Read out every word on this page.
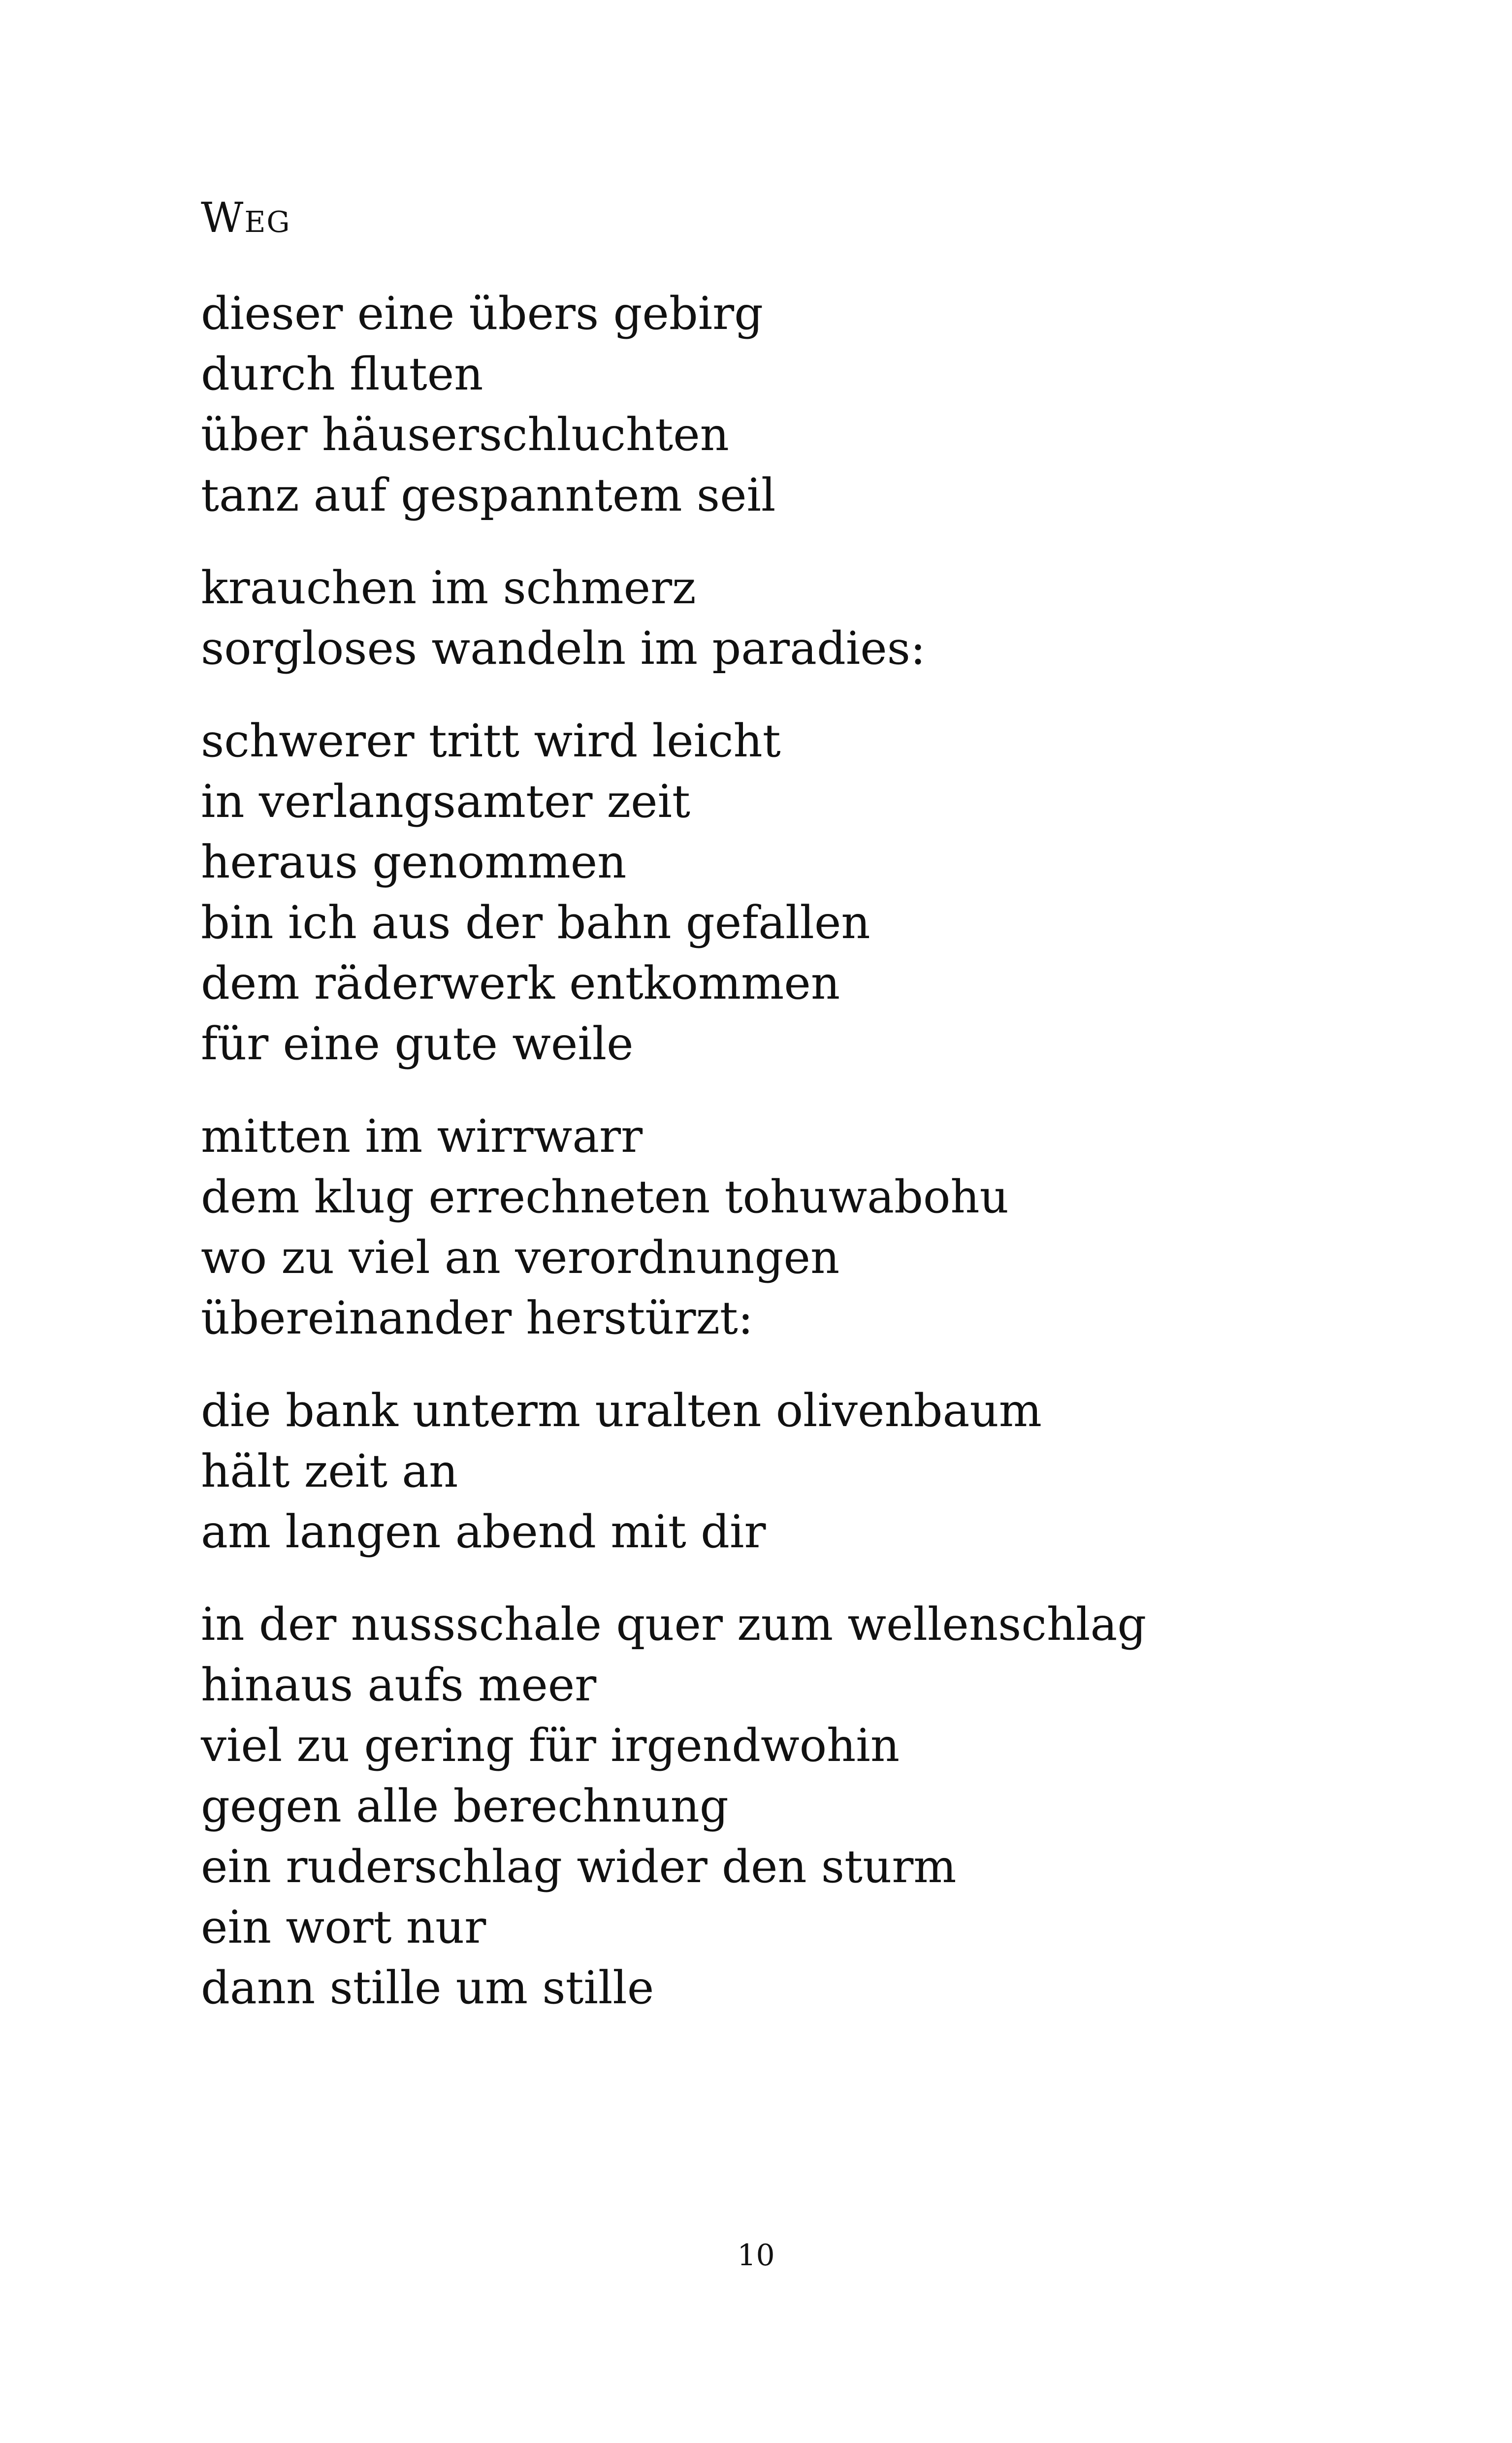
Weg
dieser eine übers gebirg
durch fluten
über häuserschluchten
tanz auf gespanntem seil
krauchen im schmerz
sorgloses wandeln im paradies:
schwerer tritt wird leicht
in verlangsamter zeit
heraus genommen
bin ich aus der bahn gefallen
dem räderwerk entkommen
für eine gute weile
mitten im wirrwarr
dem klug errechneten tohuwabohu
wo zu viel an verordnungen
übereinander herstürzt:
die bank unterm uralten olivenbaum
hält zeit an
am langen abend mit dir
in der nussschale quer zum wellenschlag
hinaus aufs meer
viel zu gering für irgendwohin
gegen alle berechnung
ein ruderschlag wider den sturm
ein wort nur
dann stille um stille
10
